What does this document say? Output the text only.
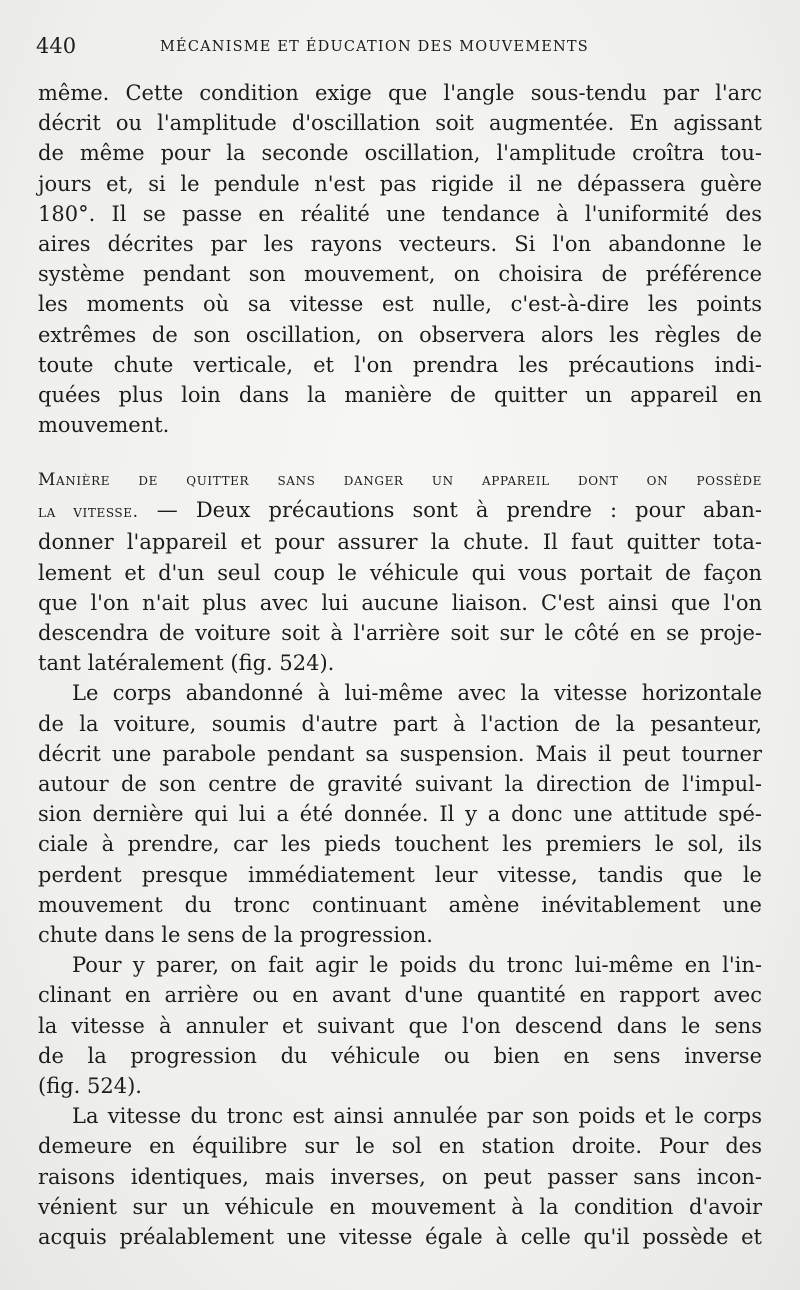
440	MÉCANISME ET ÉDUCATION DES MOUVEMENTS

même. Cette condition exige que l'angle sous-tendu par l'arc

décrit ou l'amplitude d'oscillation soit augmentée. En agissant

de même pour la seconde oscillation, l'amplitude croîtra tou-

jours et, si le pendule n'est pas rigide il ne dépassera guère

180°. Il se passe en réalité une tendance à l'uniformité des

aires décrites par les rayons vecteurs. Si l'on abandonne le

système pendant son mouvement, on choisira de préférence

les moments où sa vitesse est nulle, c'est-à-dire les points

extrêmes de son oscillation, on observera alors les règles de

toute chute verticale, et l'on prendra les précautions indi-

quées plus loin dans la manière de quitter un appareil en

mouvement.

Manière de quitter sans danger un appareil dont on possède

la vitesse. — Deux précautions sont à prendre : pour aban-

donner l'appareil et pour assurer la chute. Il faut quitter tota-

lement et d'un seul coup le véhicule qui vous portait de façon

que l'on n'ait plus avec lui aucune liaison. C'est ainsi que l'on

descendra de voiture soit à l'arrière soit sur le côté en se proje-

tant latéralement (fig. 524).

Le corps abandonné à lui-même avec la vitesse horizontale

de la voiture, soumis d'autre part à l'action de la pesanteur,

décrit une parabole pendant sa suspension. Mais il peut tourner

autour de son centre de gravité suivant la direction de l'impul-

sion dernière qui lui a été donnée. Il y a donc une attitude spé-

ciale à prendre, car les pieds touchent les premiers le sol, ils

perdent presque immédiatement leur vitesse, tandis que le

mouvement du tronc continuant amène inévitablement une

chute dans le sens de la progression.

Pour y parer, on fait agir le poids du tronc lui-même en l'in-

clinant en arrière ou en avant d'une quantité en rapport avec

la vitesse à annuler et suivant que l'on descend dans le sens

de la progression du véhicule ou bien en sens inverse

(fig. 524).

La vitesse du tronc est ainsi annulée par son poids et le corps

demeure en équilibre sur le sol en station droite. Pour des

raisons identiques, mais inverses, on peut passer sans incon-

vénient sur un véhicule en mouvement à la condition d'avoir

acquis préalablement une vitesse égale à celle qu'il possède et
